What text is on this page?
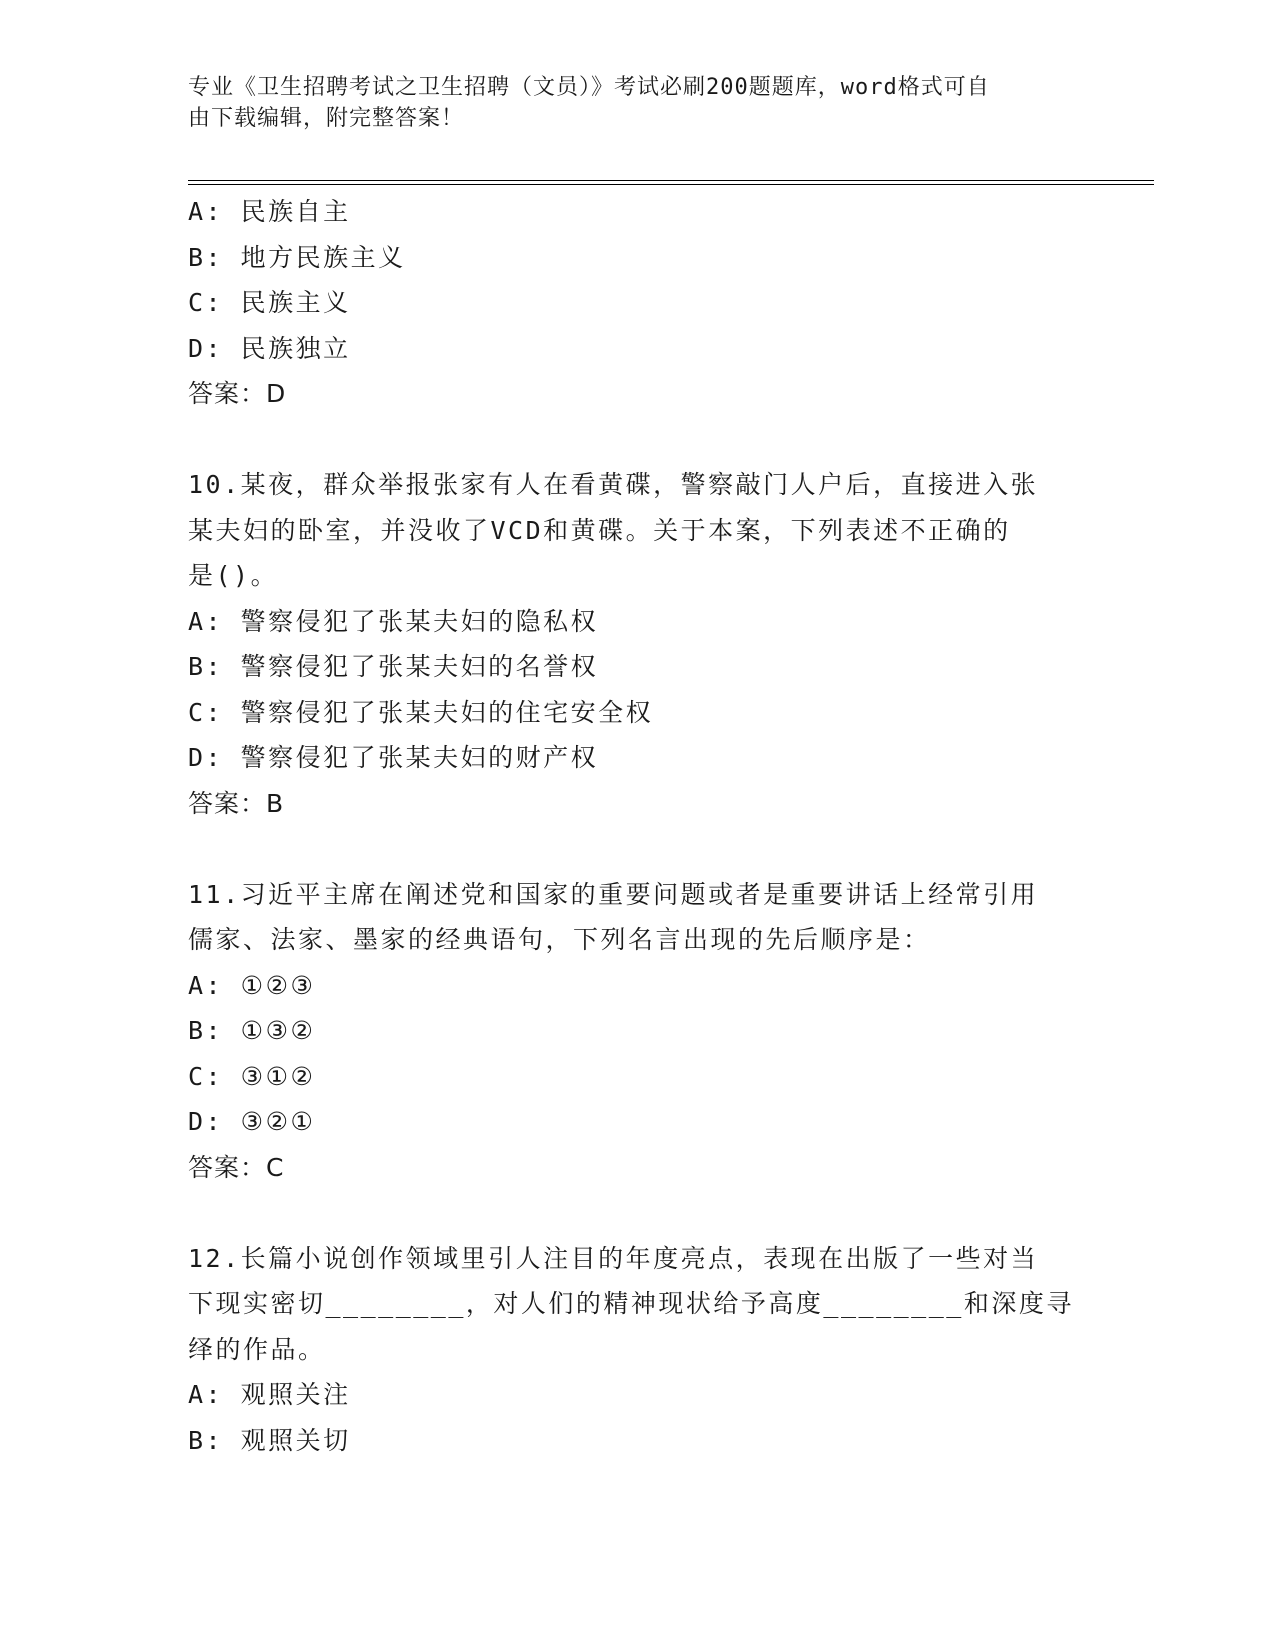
专业《卫生招聘考试之卫生招聘（文员）》考试必刷200题题库，word格式可自
由下载编辑，附完整答案！
A: 民族自主
B: 地方民族主义
C: 民族主义
D: 民族独立
答案：D
10.某夜，群众举报张家有人在看黄碟，警察敲门人户后，直接进入张
某夫妇的卧室，并没收了VCD和黄碟。关于本案，下列表述不正确的
是()。
A: 警察侵犯了张某夫妇的隐私权
B: 警察侵犯了张某夫妇的名誉权
C: 警察侵犯了张某夫妇的住宅安全权
D: 警察侵犯了张某夫妇的财产权
答案：B
11.习近平主席在阐述党和国家的重要问题或者是重要讲话上经常引用
儒家、法家、墨家的经典语句，下列名言出现的先后顺序是：
A: ①②③
B: ①③②
C: ③①②
D: ③②①
答案：C
12.长篇小说创作领域里引人注目的年度亮点，表现在出版了一些对当
下现实密切________，对人们的精神现状给予高度________和深度寻
绎的作品。
A: 观照关注
B: 观照关切
